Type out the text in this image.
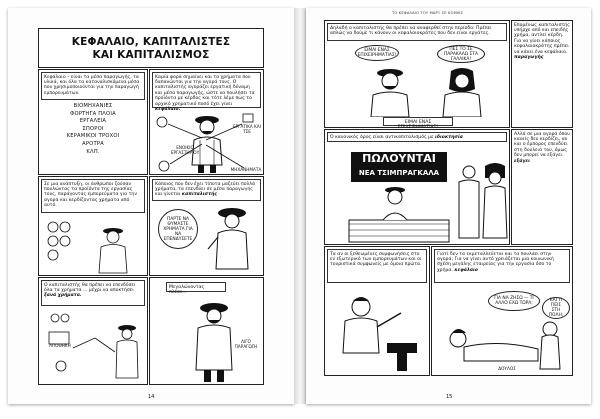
ΚΕΦΑΛΑΙΟ, ΚΑΠΙΤΑΛΙΣΤΕΣ
ΚΑΙ ΚΑΠΙΤΑΛΙΣΜΟΣ
Κεφάλαιο – είναι τα μέσα παραγωγής, τα υλικά, και όλα τα καταναλισκόμενα μέσα που χρησιμοποιούνται για την παραγωγή εμπορευμάτων.
ΒΙΟΜΗΧΑΝΙΕΣ
ΦΟΡΤΗΓΑ ΠΛΟΙΑ
ΕΡΓΑΛΕΙΑ
ΣΠΟΡΟΙ
ΚΕΡΑΜΙΚΟΙ ΤΡΟΧΟΙ
ΑΡΟΤΡΑ
ΚΛΠ.
Καμία φορά σημαίνει και τα χρήματα που δαπανώνται για την αγορά τους. Ο καπιταλιστής αγοράζει εργατική δύναμη και μέσα παραγωγής, ώστε να πουλήσει τα προϊόντα με κέρδος και τότε λέμε πως το αρχικό χρηματικό ποσό έχει γίνει κεφάλαιο.
ΕΡΓΑΤΙΚΑ ΚΑΙ ΤΣΕ
ΕΝΟΙΚΙΟ ΕΡΓΑΣΤΗΡΙΟΥ
ΜΗΧΑΝΗΜΑΤΑ
Σε μια ανάπτυξη, οι άνθρωποι ζούσαν πουλώντας τα προϊόντα της εργασίας τους, παράγοντας εμπορεύματα για την αγορά και κερδίζοντας χρήματα από αυτό.
Κάποιος που δεν έχει τίποτα μαζεύει πολλά χρήματα, τα επενδύει σε μέσα παραγωγής και γίνεται καπιταλιστής
ΠΑΡΤΕ ΝΑ ΘΥΜΑΣΤΕ ΧΡΗΜΑΤΑ ΓΙΑ ΝΑ ΕΠΕΝΔΥΣΕΤΕ
Ο καπιταλιστής θα πρέπει να επενδύσει όλα τα χρήματα ... μέχρι να αποκτήσει ξανά χρήματα.
ΑΠΟΘΗΚΗ
Μεγαλώνοντας πλέον...
ΛΙΓΟ ΠΑΡΑΓΩΓΗ
14
ΤΟ ΚΕΦΑΛΑΙΟ ΤΟΥ ΜΑΡΞ ΣΕ ΚΟΜΙΚΣ
Δηλαδή ο καπιταλιστής θα πρέπει να αναφερθεί στην περίοδο: Πρέπει απλώς να δούμε τι κάνουν οι κεφαλαιοκράτες που δεν είναι εργάτες.
ΕΙΜΑΙ ΕΝΑΣ ΕΠΙΧΕΙΡΗΜΑΤΙΑΣ!
ΠΕΣ ΤΟ ΣΕ ΠΑΡΑΚΑΛΩ ΣΤΑ ΓΑΛΛΙΚΑ!
ΕΙΜΑΙ ΕΝΑΣ ΕΠΙΧΕΙΡΗΜΑΤΙΑΣ!
Επομένως καπιταλιστής υπήρχε από και επειδής χρήμα, αντλεί κέρδη. Για να γίνει κάποιος κεφαλαιοκράτης πρέπει να κάνει ένα κεφάλαιο. παραγωγής
Ο κανονικός όρος είναι αντικαπιταλισμός με ιδιοκτησία
ΠΩΛΟΥΝΤΑΙ
ΝΕΑ ΤΣΙΜΠΡΑΓΚΑΛΑ
Αλλά σε μια αγορά όπου κανείς δεν κερδίζει, αν και ο έμπορος επενδύει στη δουλειά του, όμως δεν μπορεί να εξάγει. εξάγει
Τα αν οι ξεθεωμένες συμφωνήσεις στο εν εξωτερικό των εμπορευμάτων και οι τουριστικά συμφωνείς με όμοια πρώτα.
Γιατί δεν τα εκμεταλλεύεται και τα πουλάει στην αγορά; Για να γίνει αυτό χρειάζεται μια κοινωνική σχέση μεγάλης εταιρείας για την εργασία όσο το χρήμα. κεφάλαιο
ΓΙΑ ΝΑ ΖΗΣΩ — ΤΙ ΑΛΛΟ ΕΧΩ ΤΩΡΑ;
ΚΑΙ ΤΙ ΠΕΙΣ ΣΤΗ ΠΟΛΗ;
ΔΟΥΛΟΣ
15
